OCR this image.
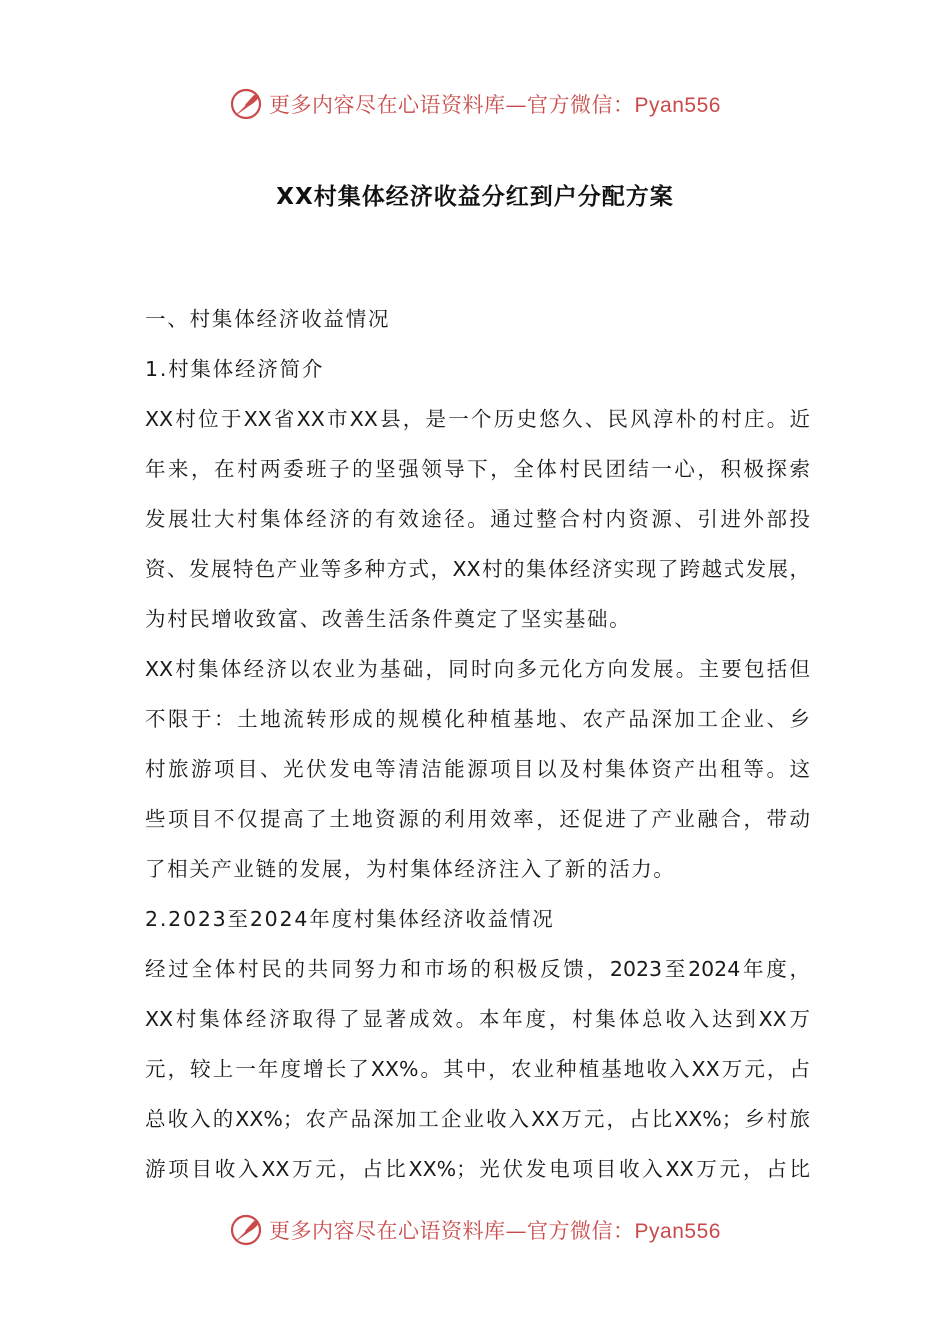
更多内容尽在心语资料库—官方微信：Pyan556
XX村集体经济收益分红到户分配方案
一、村集体经济收益情况
1.村集体经济简介
XX村位于XX省XX市XX县，是一个历史悠久、民风淳朴的村庄。近
年来，在村两委班子的坚强领导下，全体村民团结一心，积极探索
发展壮大村集体经济的有效途径。通过整合村内资源、引进外部投
资、发展特色产业等多种方式，XX村的集体经济实现了跨越式发展，
为村民增收致富、改善生活条件奠定了坚实基础。
XX村集体经济以农业为基础，同时向多元化方向发展。主要包括但
不限于：土地流转形成的规模化种植基地、农产品深加工企业、乡
村旅游项目、光伏发电等清洁能源项目以及村集体资产出租等。这
些项目不仅提高了土地资源的利用效率，还促进了产业融合，带动
了相关产业链的发展，为村集体经济注入了新的活力。
2.2023至2024年度村集体经济收益情况
经过全体村民的共同努力和市场的积极反馈，2023至2024年度，
XX村集体经济取得了显著成效。本年度，村集体总收入达到XX万
元，较上一年度增长了XX%。其中，农业种植基地收入XX万元，占
总收入的XX%；农产品深加工企业收入XX万元，占比XX%；乡村旅
游项目收入XX万元，占比XX%；光伏发电项目收入XX万元，占比
更多内容尽在心语资料库—官方微信：Pyan556
